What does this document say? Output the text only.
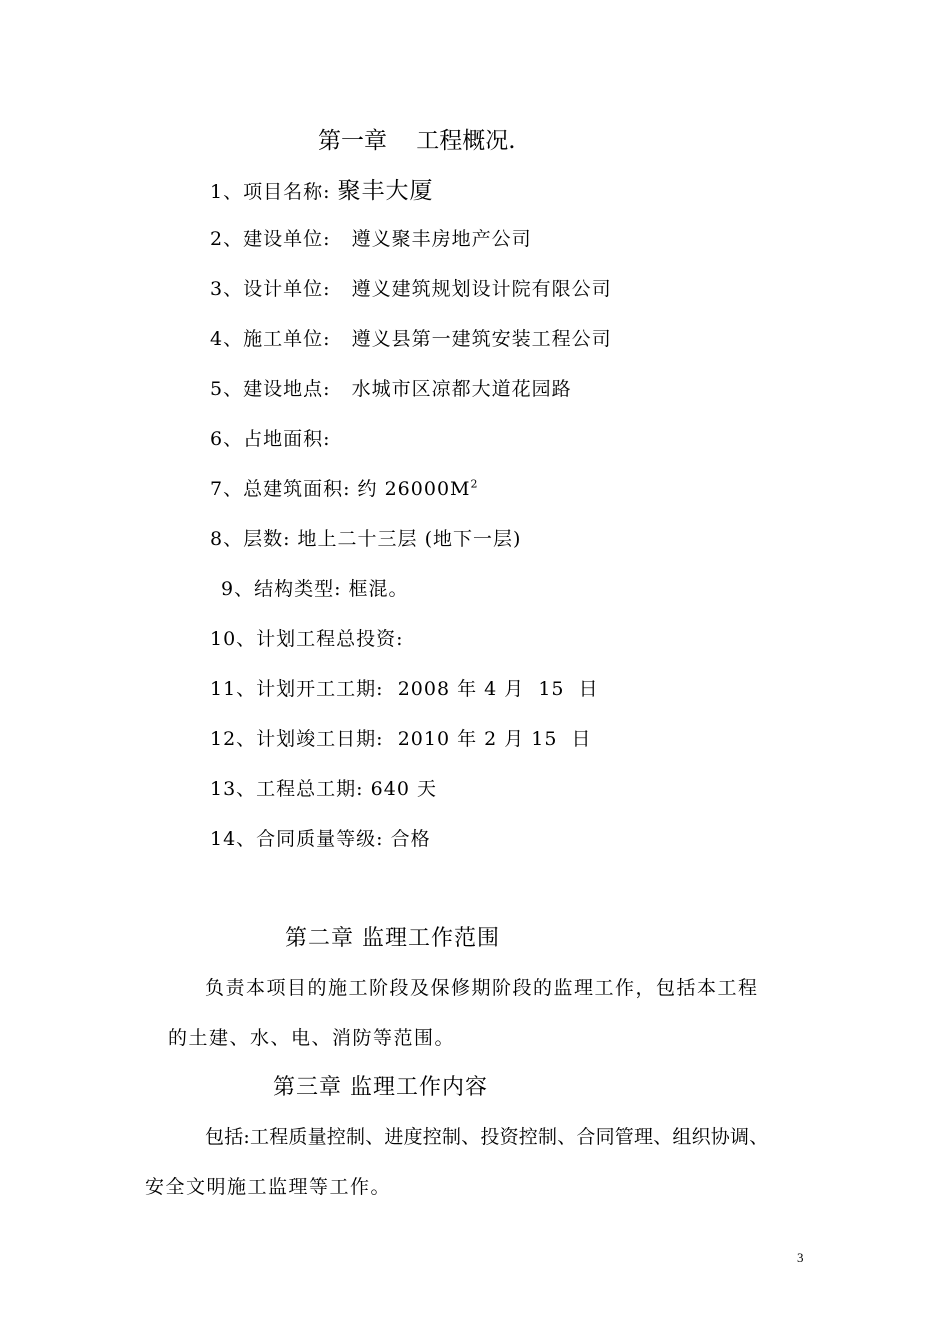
第一章 工程概况.
1、项目名称: 聚丰大厦
2、建设单位: 遵义聚丰房地产公司
3、设计单位: 遵义建筑规划设计院有限公司
4、施工单位: 遵义县第一建筑安装工程公司
5、建设地点: 水城市区凉都大道花园路
6、占地面积:
7、总建筑面积: 约 $26000M^2$
8、层数: 地上二十三层 (地下一层)
9、结构类型: 框混。
10、计划工程总投资:
11、计划开工工期: 2008 年 4 月  15  日
12、计划竣工日期: 2010 年 2 月 15  日
13、工程总工期: 640 天
14、合同质量等级: 合格
第二章 监理工作范围
负责本项目的施工阶段及保修期阶段的监理工作，包括本工程
的土建、水、电、消防等范围。
第三章 监理工作内容
包括:工程质量控制、进度控制、投资控制、合同管理、组织协调、
安全文明施工监理等工作。
3
